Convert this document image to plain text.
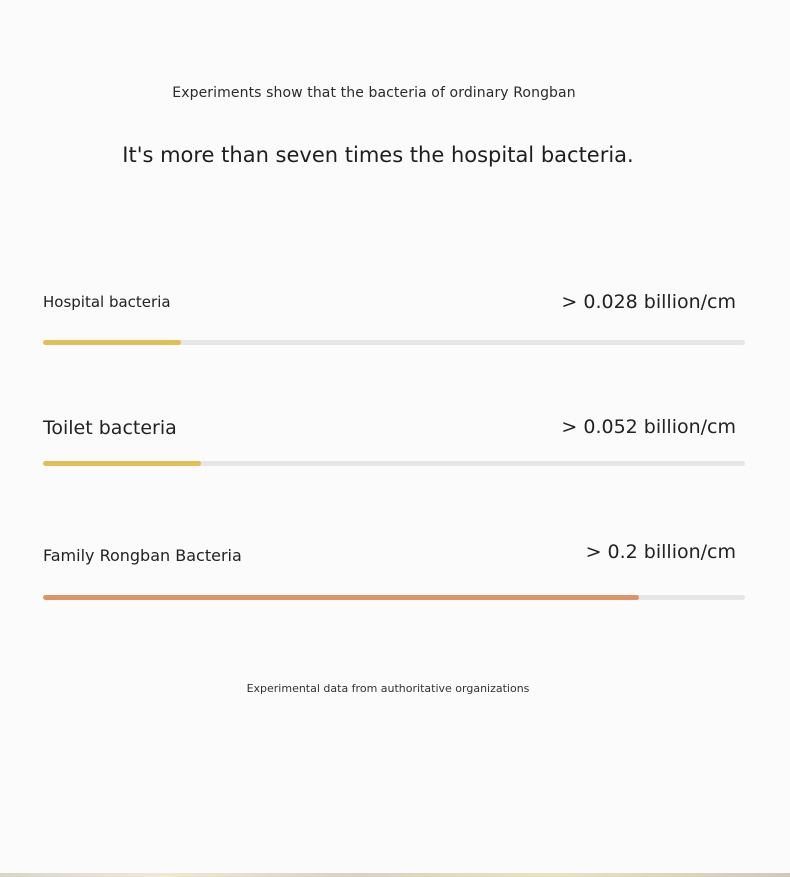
Experiments show that the bacteria of ordinary Rongban
It's more than seven times the hospital bacteria.
Hospital bacteria	> 0.028 billion/cm
Toilet bacteria	> 0.052 billion/cm
Family Rongban Bacteria	> 0.2 billion/cm
Experimental data from authoritative organizations
